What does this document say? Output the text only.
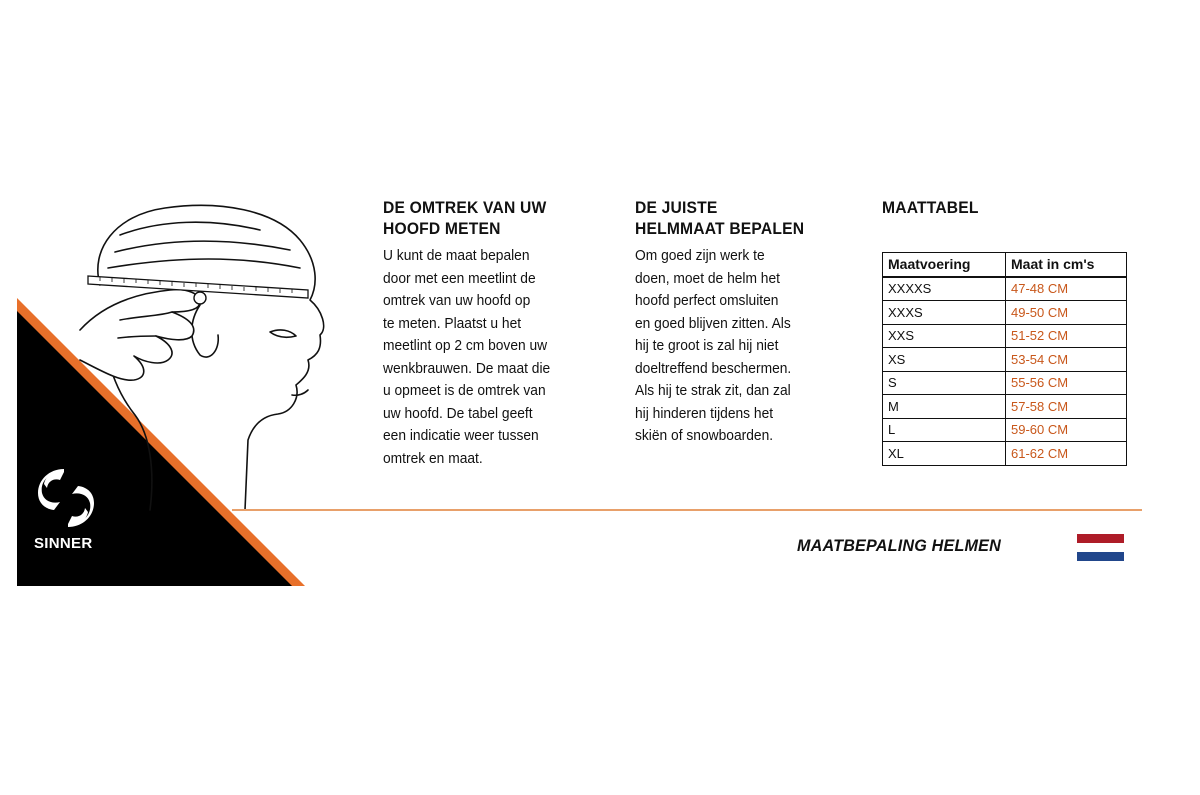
SINNER
DE OMTREK VAN UW
HOOFD METEN

U kunt de maat bepalen
door met een meetlint de
omtrek van uw hoofd op
te meten. Plaatst u het
meetlint op 2 cm boven uw
wenkbrauwen. De maat die
u opmeet is de omtrek van
uw hoofd. De tabel geeft
een indicatie weer tussen
omtrek en maat.

DE JUISTE
HELMMAAT BEPALEN

Om goed zijn werk te
doen, moet de helm het
hoofd perfect omsluiten
en goed blijven zitten. Als
hij te groot is zal hij niet
doeltreffend beschermen.
Als hij te strak zit, dan zal
hij hinderen tijdens het
skiën of snowboarden.

MAATTABEL
Maatvoering	Maat in cm's
XXXXS	47-48 CM
XXXS	49-50 CM
XXS	51-52 CM
XS	53-54 CM
S	55-56 CM
M	57-58 CM
L	59-60 CM
XL	61-62 CM
MAATBEPALING HELMEN
